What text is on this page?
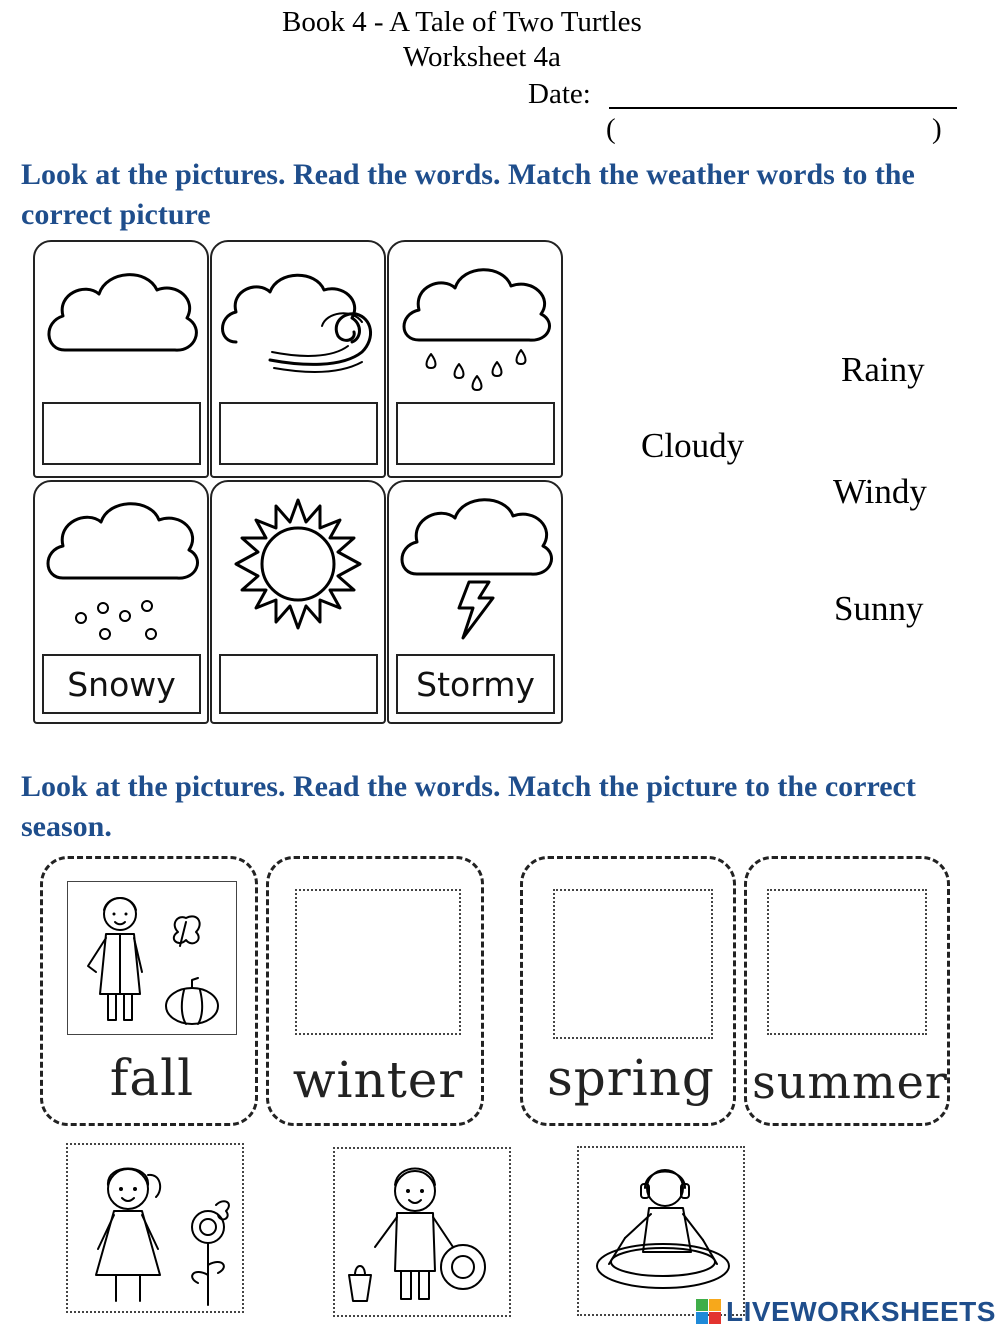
Book 4 - A Tale of Two Turtles
Worksheet 4a
Date:
(	)
Look at the pictures. Read the words. Match the weather words to the correct picture
Snowy	Stormy
Rainy
Cloudy
Windy
Sunny
Look at the pictures. Read the words. Match the picture to the correct season.
fall	winter	spring summer
LIVEWORKSHEETS
